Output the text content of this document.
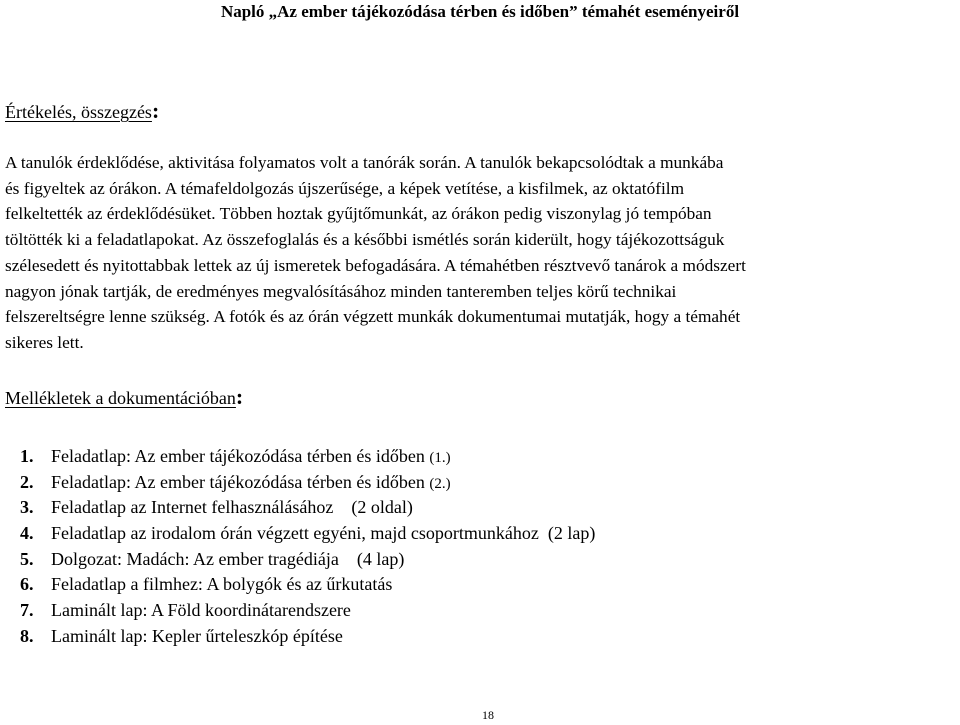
Napló „Az ember tájékozódása térben és időben” témahét eseményeiről
Értékelés, összegzés:

A tanulók érdeklődése, aktivitása folyamatos volt a tanórák során. A tanulók bekapcsolódtak a munkába
és figyeltek az órákon. A témafeldolgozás újszerűsége, a képek vetítése, a kisfilmek, az oktatófilm
felkeltették az érdeklődésüket. Többen hoztak gyűjtőmunkát, az órákon pedig viszonylag jó tempóban
töltötték ki a feladatlapokat. Az összefoglalás és a későbbi ismétlés során kiderült, hogy tájékozottságuk
szélesedett és nyitottabbak lettek az új ismeretek befogadására. A témahétben résztvevő tanárok a módszert
nagyon jónak tartják, de eredményes megvalósításához minden tanteremben teljes körű technikai
felszereltségre lenne szükség. A fotók és az órán végzett munkák dokumentumai mutatják, hogy a témahét
sikeres lett.

Mellékletek a dokumentációban:
1. Feladatlap: Az ember tájékozódása térben és időben (1.)
2. Feladatlap: Az ember tájékozódása térben és időben (2.)
3. Feladatlap az Internet felhasználásához    (2 oldal)
4. Feladatlap az irodalom órán végzett egyéni, majd csoportmunkához  (2 lap)
5. Dolgozat: Madách: Az ember tragédiája    (4 lap)
6. Feladatlap a filmhez: A bolygók és az űrkutatás
7. Laminált lap: A Föld koordinátarendszere
8. Laminált lap: Kepler űrteleszkóp építése
18
